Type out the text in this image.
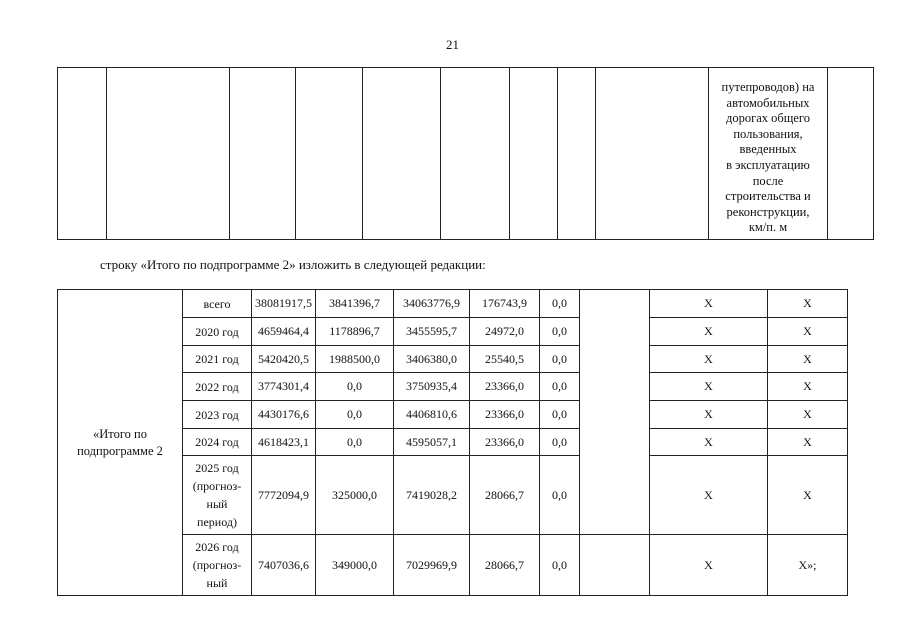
21

путепроводов) на
автомобильных
дорогах общего
пользования,
введенных
в эксплуатацию
после
строительства и
реконструкции,
км/п. м

строку «Итого по подпрограмме 2» изложить в следующей редакции:
«Итого по
подпрограмме 2	всего	38081917,5	3841396,7	34063776,9	176743,9	0,0		Х	Х

	2020 год	4659464,4	1178896,7	3455595,7	24972,0	0,0		Х	Х

	2021 год	5420420,5	1988500,0	3406380,0	25540,5	0,0		Х	Х

	2022 год	3774301,4	0,0	3750935,4	23366,0	0,0		Х	Х

	2023 год	4430176,6	0,0	4406810,6	23366,0	0,0		Х	Х

	2024 год	4618423,1	0,0	4595057,1	23366,0	0,0		Х	Х

	2025 год
(прогноз-
ный
период)	7772094,9	325000,0	7419028,2	28066,7	0,0		Х	Х

	2026 год
(прогноз-
ный	7407036,6	349000,0	7029969,9	28066,7	0,0		Х	Х»;
